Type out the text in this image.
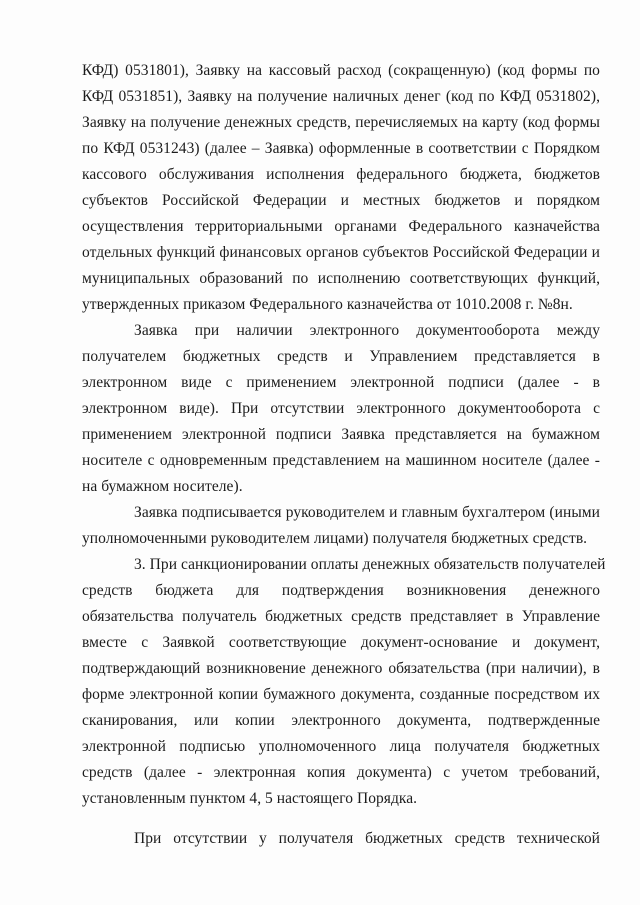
КФД) 0531801), Заявку на кассовый расход (сокращенную) (код формы по
КФД 0531851), Заявку на получение наличных денег (код по КФД 0531802),
Заявку на получение денежных средств, перечисляемых на карту (код формы
по КФД 0531243) (далее – Заявка) оформленные в соответствии с Порядком
кассового обслуживания исполнения федерального бюджета, бюджетов
субъектов Российской Федерации и местных бюджетов и порядком
осуществления территориальными органами Федерального казначейства
отдельных функций финансовых органов субъектов Российской Федерации и
муниципальных образований по исполнению соответствующих функций,
утвержденных приказом Федерального казначейства от 1010.2008 г. №8н.
Заявка при наличии электронного документооборота между
получателем бюджетных средств и Управлением представляется в
электронном виде с применением электронной подписи (далее - в
электронном виде). При отсутствии электронного документооборота с
применением электронной подписи Заявка представляется на бумажном
носителе с одновременным представлением на машинном носителе (далее -
на бумажном носителе).
Заявка подписывается руководителем и главным бухгалтером (иными
уполномоченными руководителем лицами) получателя бюджетных средств.
3. При санкционировании оплаты денежных обязательств получателей
средств бюджета для подтверждения возникновения денежного
обязательства получатель бюджетных средств представляет в Управление
вместе с Заявкой соответствующие документ-основание и документ,
подтверждающий возникновение денежного обязательства (при наличии), в
форме электронной копии бумажного документа, созданные посредством их
сканирования, или копии электронного документа, подтвержденные
электронной подписью уполномоченного лица получателя бюджетных
средств (далее - электронная копия документа) с учетом требований,
установленным пунктом 4, 5 настоящего Порядка.
При отсутствии у получателя бюджетных средств технической
